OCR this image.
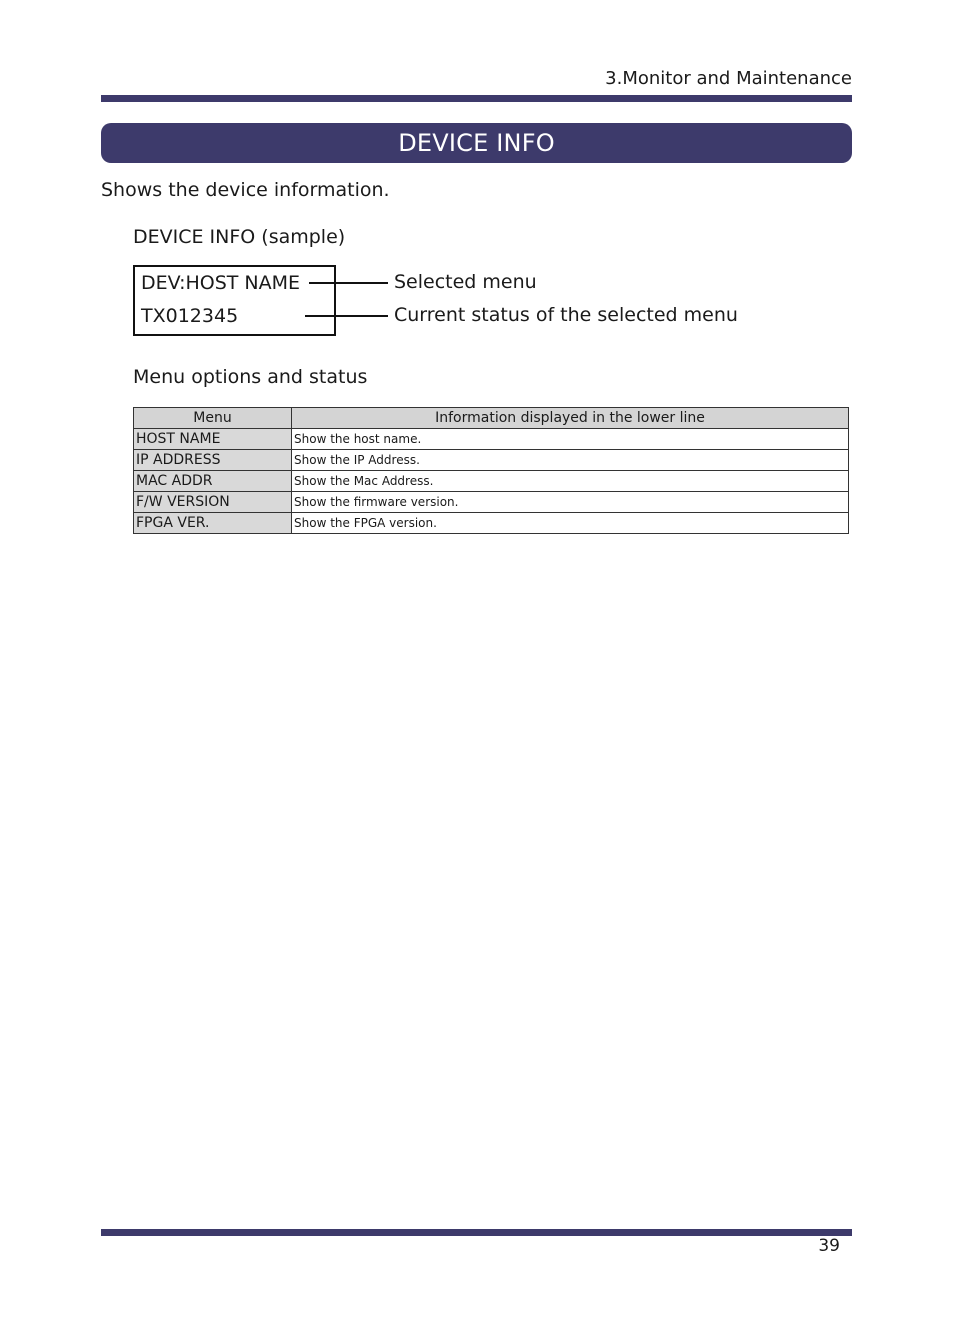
3.Monitor and Maintenance
DEVICE INFO
Shows the device information.
DEVICE INFO (sample)
DEV:HOST NAME
TX012345
Selected menu
Current status of the selected menu
Menu options and status
Menu	Information displayed in the lower line
HOST NAME	Show the host name.
IP ADDRESS	Show the IP Address.
MAC ADDR	Show the Mac Address.
F/W VERSION	Show the firmware version.
FPGA VER.	Show the FPGA version.
39
